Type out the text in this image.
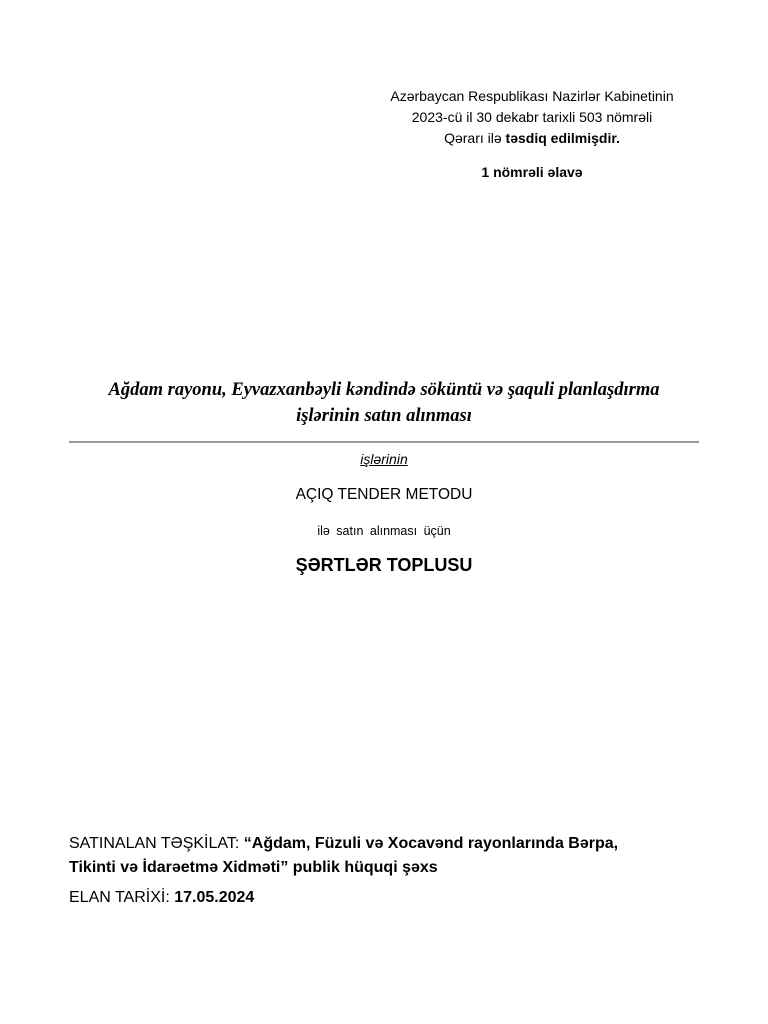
Azərbaycan Respublikası Nazirlər Kabinetinin
2023-cü il 30 dekabr tarixli 503 nömrəli
Qərarı ilə təsdiq edilmişdir.
1 nömrəli əlavə
Ağdam rayonu, Eyvazxanbəyli kəndində söküntü və şaquli planlaşdırma
işlərinin satın alınması
işlərinin
AÇIQ TENDER METODU
ilə satın alınması üçün
ŞƏRTLƏR TOPLUSU
SATINALAN TƏŞKİLAT: “Ağdam, Füzuli və Xocavənd rayonlarında Bərpa,
Tikinti və İdarəetmə Xidməti” publik hüquqi şəxs
ELAN TARİXİ: 17.05.2024
